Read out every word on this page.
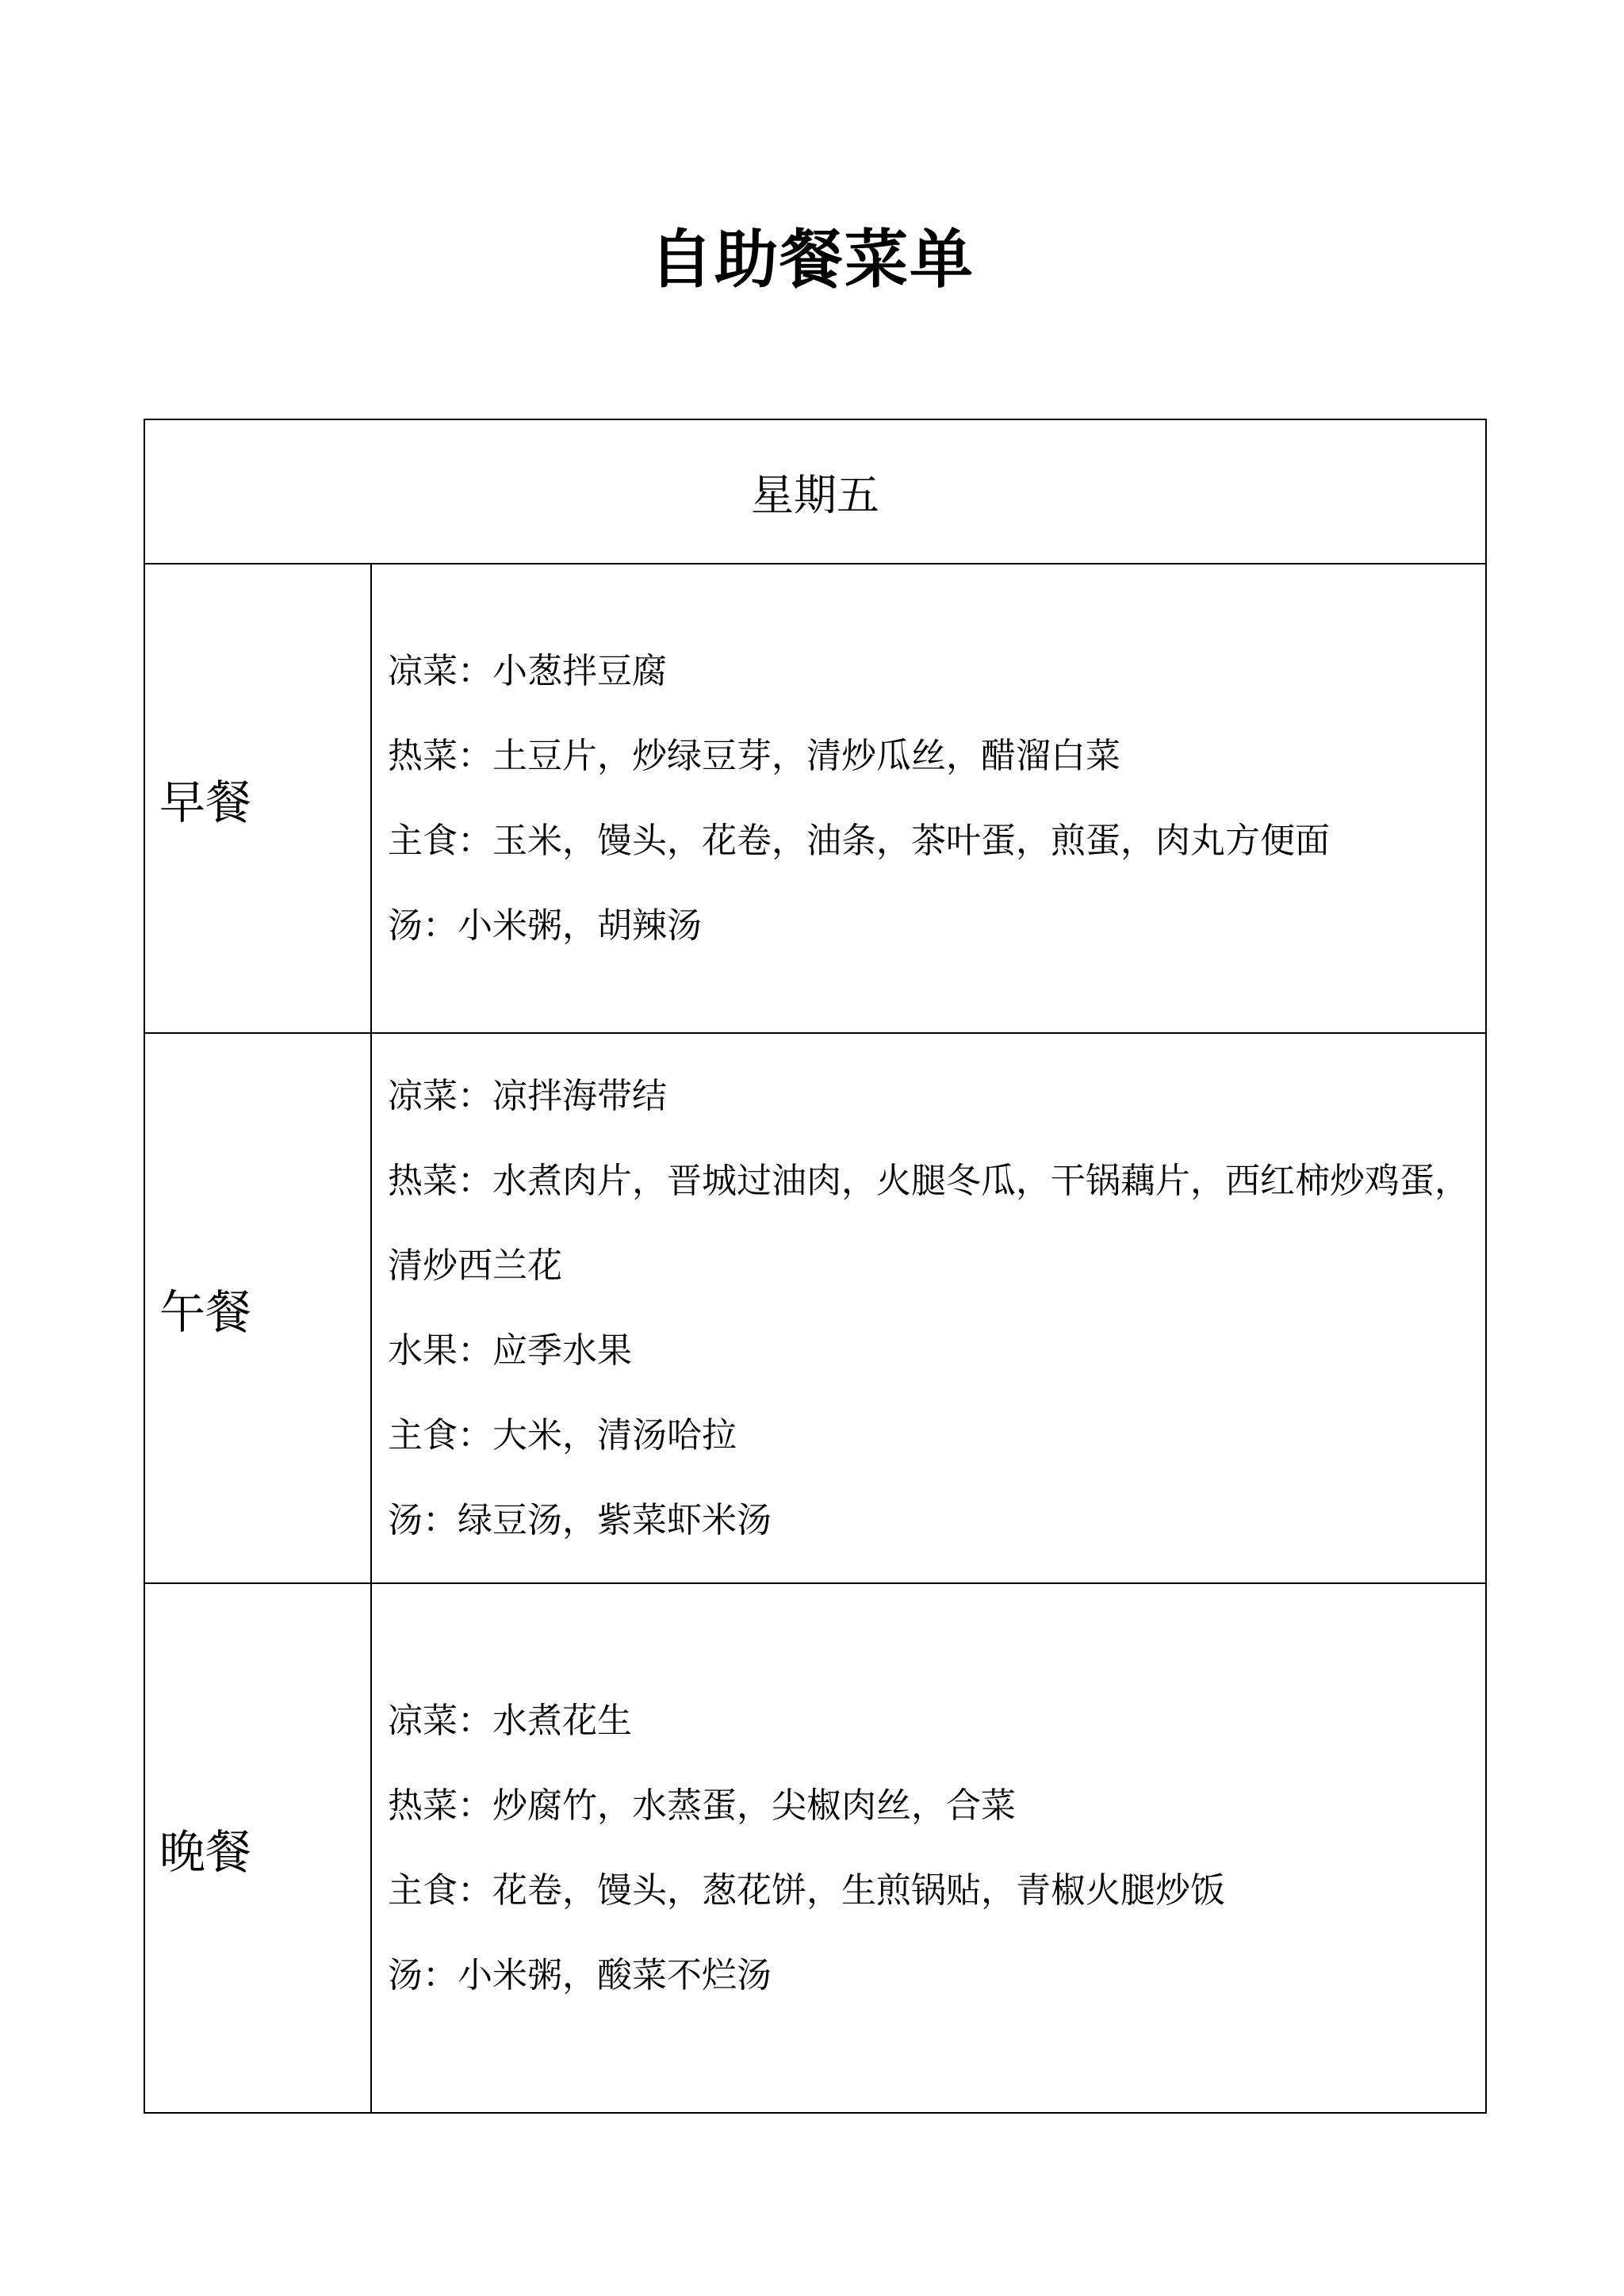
自助餐菜单
星期五	
早餐	凉菜：小葱拌豆腐
热菜：土豆片，炒绿豆芽，清炒瓜丝，醋溜白菜
主食：玉米，馒头，花卷，油条，茶叶蛋，煎蛋，肉丸方便面
汤：小米粥，胡辣汤

午餐	凉菜：凉拌海带结
热菜：水煮肉片，晋城过油肉，火腿冬瓜，干锅藕片，西红柿炒鸡蛋，清炒西兰花
水果：应季水果
主食：大米，清汤哈拉
汤：绿豆汤，紫菜虾米汤

晚餐	凉菜：水煮花生
热菜：炒腐竹，水蒸蛋，尖椒肉丝，合菜
主食：花卷，馒头，葱花饼，生煎锅贴，青椒火腿炒饭
汤：小米粥，酸菜不烂汤
